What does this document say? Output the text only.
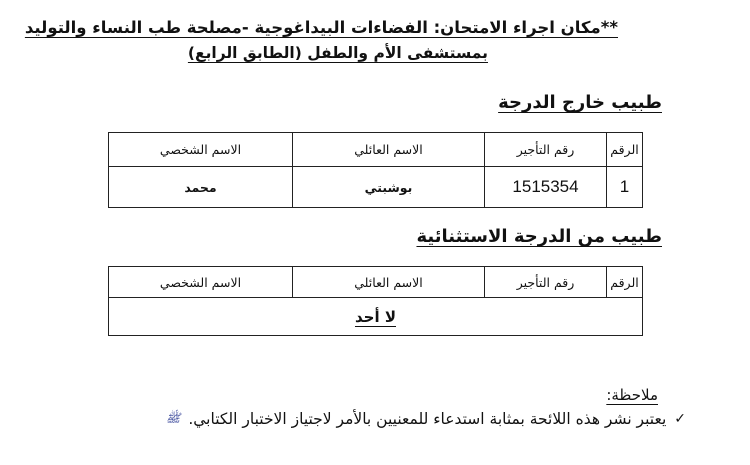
**مكان اجراء الامتحان: الفضاءات البيداغوجية -مصلحة طب النساء والتوليد
بمستشفى الأم والطفل (الطابق الرابع)
طبيب خارج الدرجة
الرقم	رقم التأجير	الاسم العائلي	الاسم الشخصي
1	1515354	بوشبتي	محمد
طبيب من الدرجة الاستثنائية
الرقم	رقم التأجير	الاسم العائلي	الاسم الشخصي
لا أحد
ملاحظة:
✓
يعتبر نشر هذه اللائحة بمثابة استدعاء للمعنيين بالأمر لاجتياز الاختبار الكتابي.
ﷺ
